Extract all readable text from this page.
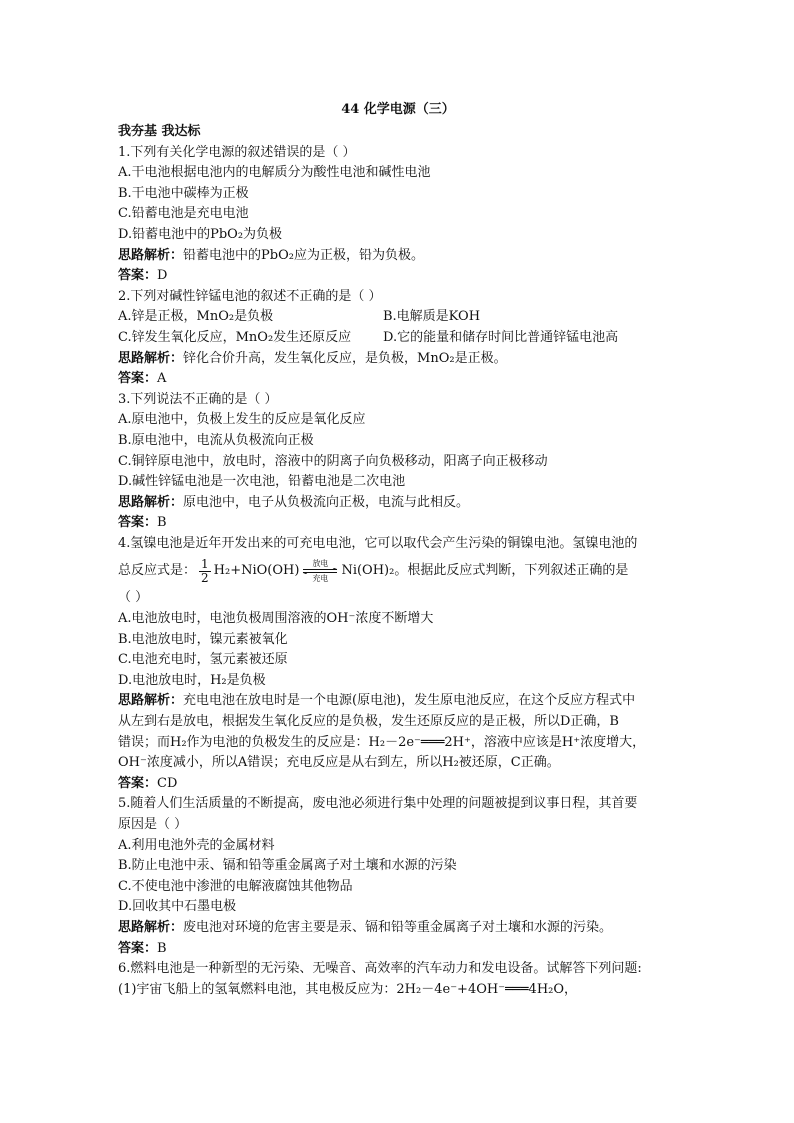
44 化学电源（三）
我夯基 我达标
1.下列有关化学电源的叙述错误的是（ ）
A.干电池根据电池内的电解质分为酸性电池和碱性电池
B.干电池中碳棒为正极
C.铅蓄电池是充电电池
D.铅蓄电池中的PbO₂为负极
思路解析：铅蓄电池中的PbO₂应为正极，铅为负极。
答案：D
2.下列对碱性锌锰电池的叙述不正确的是（ ）
A.锌是正极，MnO₂是负极	B.电解质是KOH
C.锌发生氧化反应，MnO₂发生还原反应	D.它的能量和储存时间比普通锌锰电池高
思路解析：锌化合价升高，发生氧化反应，是负极，MnO₂是正极。
答案：A
3.下列说法不正确的是（ ）
A.原电池中，负极上发生的反应是氧化反应
B.原电池中，电流从负极流向正极
C.铜锌原电池中，放电时，溶液中的阴离子向负极移动，阳离子向正极移动
D.碱性锌锰电池是一次电池，铅蓄电池是二次电池
思路解析：原电池中，电子从负极流向正极，电流与此相反。
答案：B
4.氢镍电池是近年开发出来的可充电电池，它可以取代会产生污染的铜镍电池。氢镍电池的
总反应式是： $\frac{1}{2} H_2+NiO(OH)$ 放电
充电
Ni(OH)₂。根据此反应式判断，下列叙述正确的是
（ ）
A.电池放电时，电池负极周围溶液的OH⁻浓度不断增大
B.电池放电时，镍元素被氧化
C.电池充电时，氢元素被还原
D.电池放电时，H₂是负极
思路解析：充电电池在放电时是一个电源(原电池)，发生原电池反应，在这个反应方程式中
从左到右是放电，根据发生氧化反应的是负极，发生还原反应的是正极，所以D正确，B
错误；而H₂作为电池的负极发生的反应是：H₂－2e⁻═══2H⁺，溶液中应该是H⁺浓度增大，
OH⁻浓度减小，所以A错误；充电反应是从右到左，所以H₂被还原，C正确。
答案：CD
5.随着人们生活质量的不断提高，废电池必须进行集中处理的问题被提到议事日程，其首要
原因是（ ）
A.利用电池外壳的金属材料
B.防止电池中汞、镉和铅等重金属离子对土壤和水源的污染
C.不使电池中渗泄的电解液腐蚀其他物品
D.回收其中石墨电极
思路解析：废电池对环境的危害主要是汞、镉和铅等重金属离子对土壤和水源的污染。
答案：B
6.燃料电池是一种新型的无污染、无噪音、高效率的汽车动力和发电设备。试解答下列问题:
(1)宇宙飞船上的氢氧燃料电池，其电极反应为：2H₂－4e⁻+4OH⁻═══4H₂O，
